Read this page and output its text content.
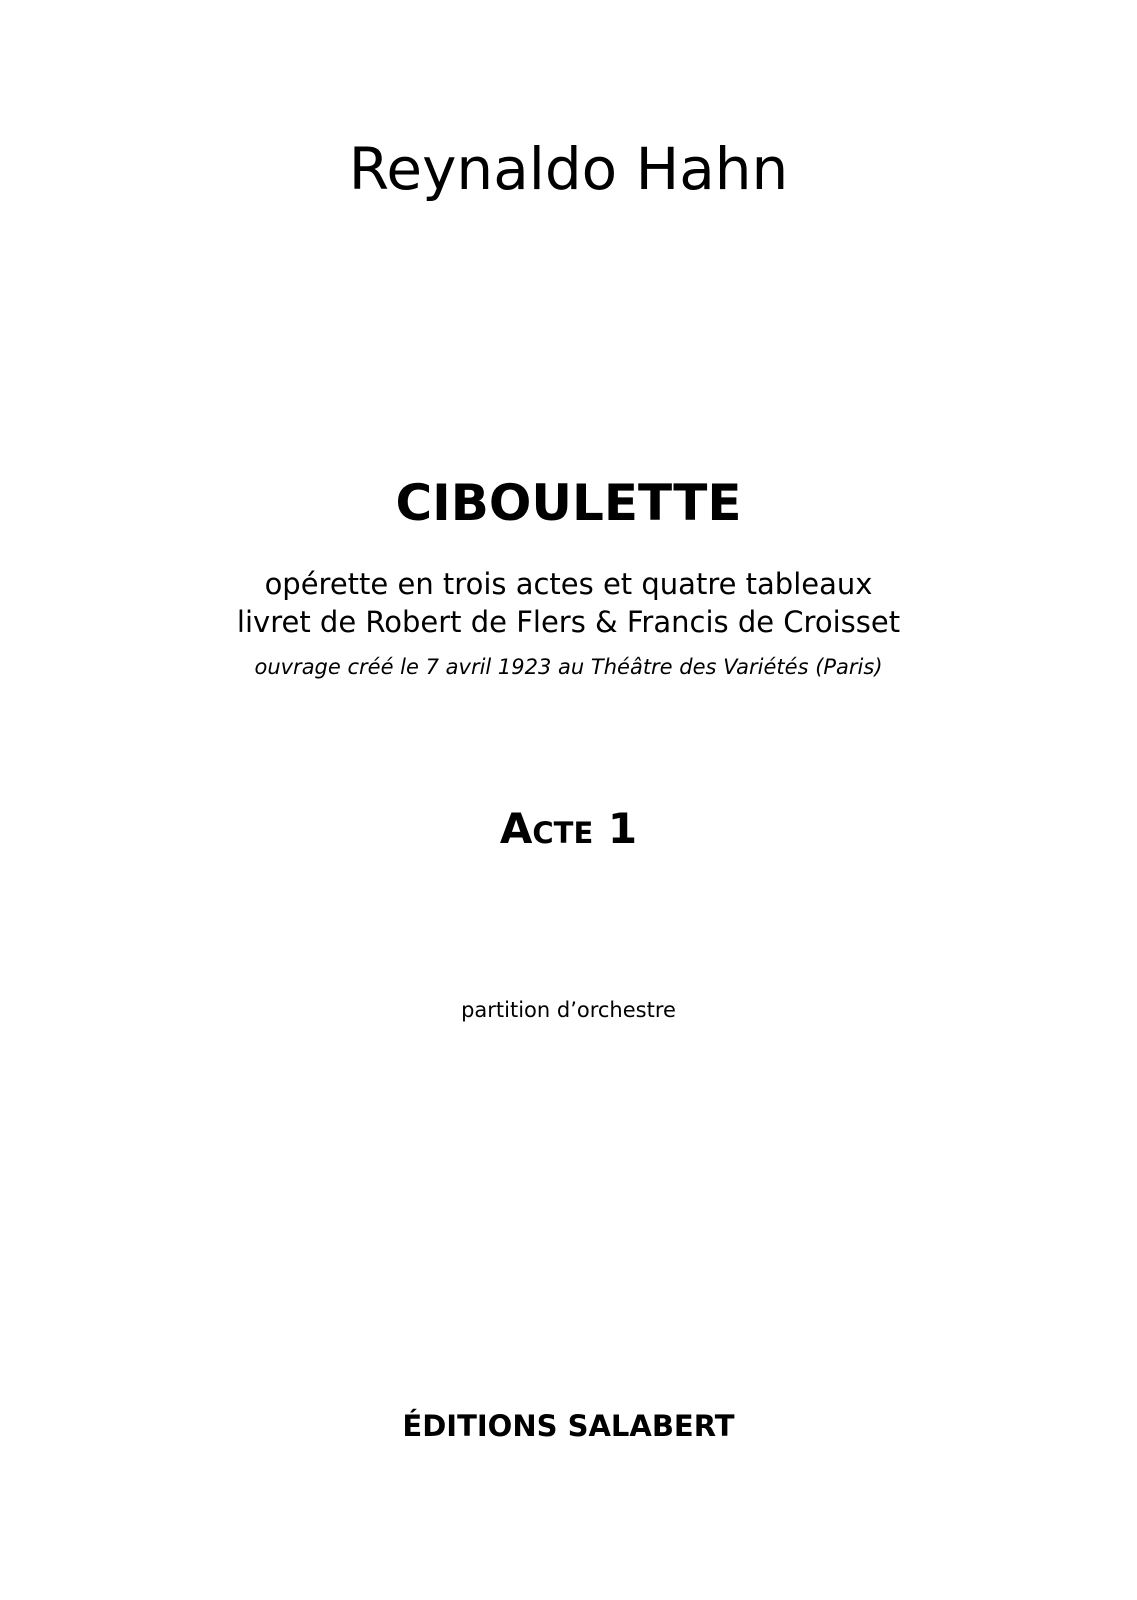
Reynaldo Hahn
CIBOULETTE
opérette en trois actes et quatre tableaux
livret de Robert de Flers & Francis de Croisset
ouvrage créé le 7 avril 1923 au Théâtre des Variétés (Paris)
Acte 1
partition d’orchestre
ÉDITIONS SALABERT
